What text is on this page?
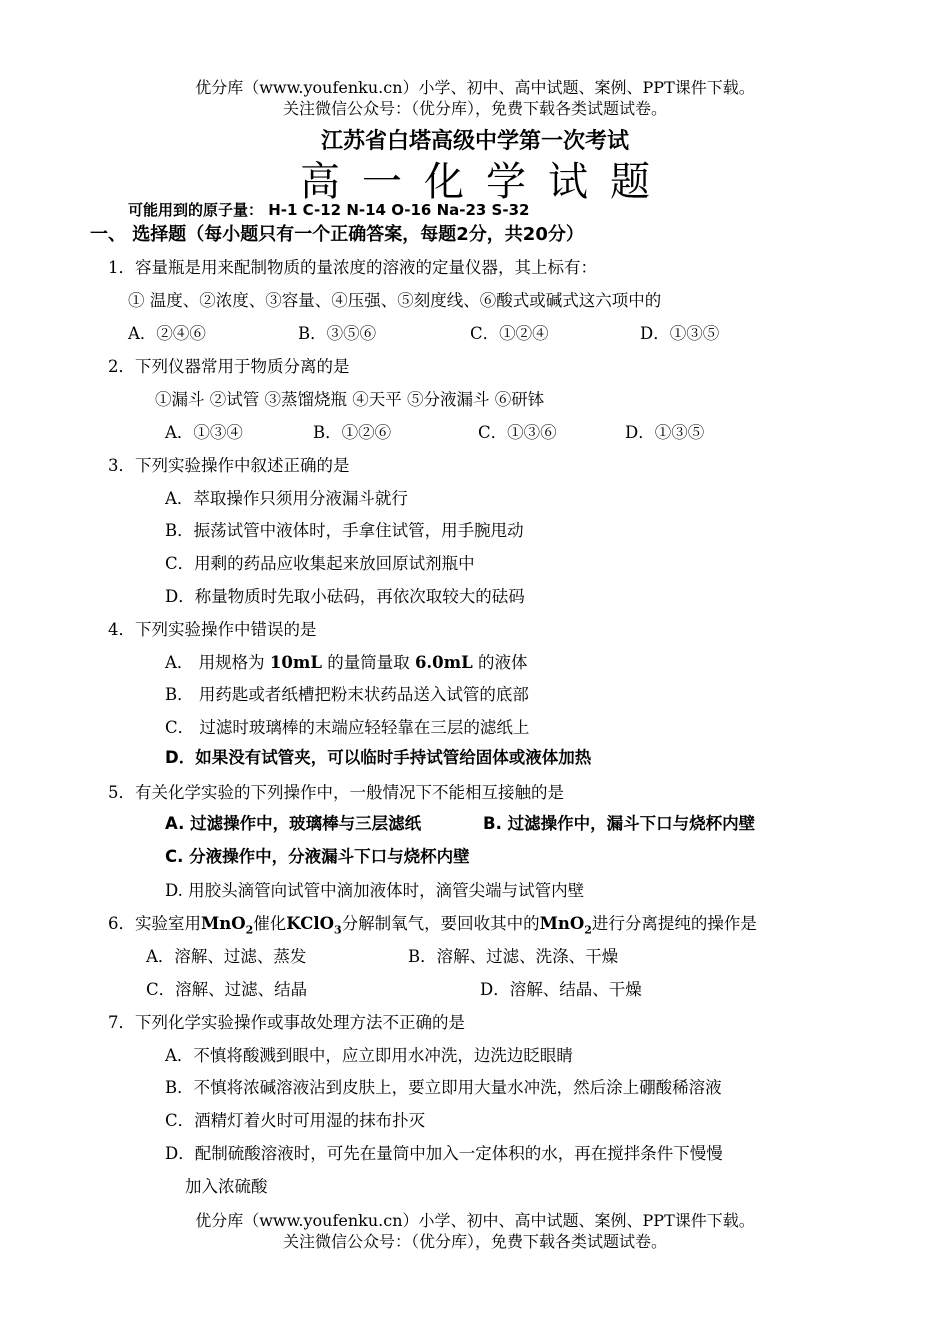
优分库（www.youfenku.cn）小学、初中、高中试题、案例、PPT课件下载。
关注微信公众号：（优分库），免费下载各类试题试卷。
江苏省白塔高级中学第一次考试
高一化学试题
可能用到的原子量： H-1 C-12 N-14 O-16 Na-23 S-32
一、 选择题（每小题只有一个正确答案，每题2分，共20分）
1．容量瓶是用来配制物质的量浓度的溶液的定量仪器，其上标有：
① 温度、②浓度、③容量、④压强、⑤刻度线、⑥酸式或碱式这六项中的
A．②④⑥	B．③⑤⑥	C．①②④	D．①③⑤
2．下列仪器常用于物质分离的是
①漏斗 ②试管 ③蒸馏烧瓶 ④天平 ⑤分液漏斗 ⑥研钵
A．①③④	B．①②⑥	C．①③⑥	D．①③⑤
3．下列实验操作中叙述正确的是
A．萃取操作只须用分液漏斗就行
B．振荡试管中液体时，手拿住试管，用手腕甩动
C．用剩的药品应收集起来放回原试剂瓶中
D．称量物质时先取小砝码，再依次取较大的砝码
4．下列实验操作中错误的是
A． 用规格为 10mL 的量筒量取 6.0mL 的液体
B． 用药匙或者纸槽把粉末状药品送入试管的底部
C． 过滤时玻璃棒的末端应轻轻靠在三层的滤纸上
D．如果没有试管夹，可以临时手持试管给固体或液体加热
5．有关化学实验的下列操作中，一般情况下不能相互接触的是
A. 过滤操作中，玻璃棒与三层滤纸	B. 过滤操作中，漏斗下口与烧杯内壁
C. 分液操作中，分液漏斗下口与烧杯内壁
D. 用胶头滴管向试管中滴加液体时，滴管尖端与试管内壁
6．实验室用MnO$_2$催化KClO$_3$分解制氧气，要回收其中的MnO$_2$进行分离提纯的操作是
A．溶解、过滤、蒸发	B．溶解、过滤、洗涤、干燥
C．溶解、过滤、结晶	D．溶解、结晶、干燥
7．下列化学实验操作或事故处理方法不正确的是
A．不慎将酸溅到眼中，应立即用水冲洗，边洗边眨眼睛
B．不慎将浓碱溶液沾到皮肤上，要立即用大量水冲洗，然后涂上硼酸稀溶液
C．酒精灯着火时可用湿的抹布扑灭
D．配制硫酸溶液时，可先在量筒中加入一定体积的水，再在搅拌条件下慢慢
加入浓硫酸
优分库（www.youfenku.cn）小学、初中、高中试题、案例、PPT课件下载。
关注微信公众号：（优分库），免费下载各类试题试卷。
